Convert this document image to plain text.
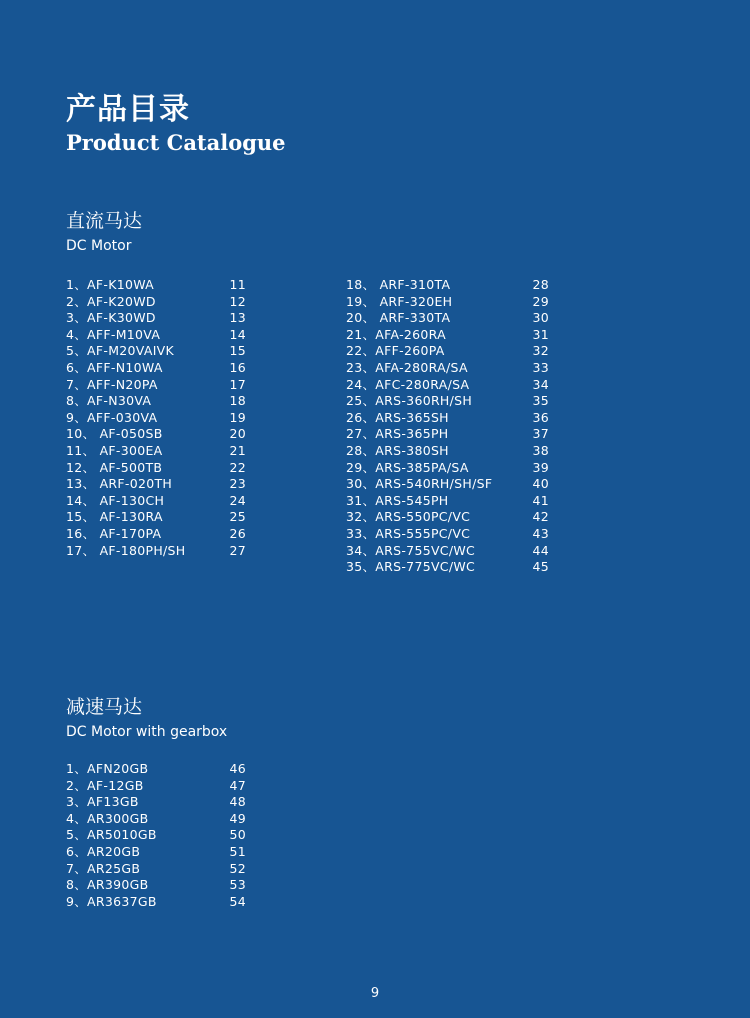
产品目录
Product Catalogue
直流马达
DC Motor
1、AF-K10WA	11
2、AF-K20WD	12
3、AF-K30WD	13
4、AFF-M10VA	14
5、AF-M20VAIVK	15
6、AFF-N10WA	16
7、AFF-N20PA	17
8、AF-N30VA	18
9、AFF-030VA	19
10、 AF-050SB	20
11、 AF-300EA	21
12、 AF-500TB	22
13、 ARF-020TH	23
14、 AF-130CH	24
15、 AF-130RA	25
16、 AF-170PA	26
17、 AF-180PH/SH	27
18、 ARF-310TA	28
19、 ARF-320EH	29
20、 ARF-330TA	30
21、AFA-260RA	31
22、AFF-260PA	32
23、AFA-280RA/SA	33
24、AFC-280RA/SA	34
25、ARS-360RH/SH	35
26、ARS-365SH	36
27、ARS-365PH	37
28、ARS-380SH	38
29、ARS-385PA/SA	39
30、ARS-540RH/SH/SF	40
31、ARS-545PH	41
32、ARS-550PC/VC	42
33、ARS-555PC/VC	43
34、ARS-755VC/WC	44
35、ARS-775VC/WC	45
减速马达
DC Motor with gearbox
1、AFN20GB	46
2、AF-12GB	47
3、AF13GB	48
4、AR300GB	49
5、AR5010GB	50
6、AR20GB	51
7、AR25GB	52
8、AR390GB	53
9、AR3637GB	54
9
